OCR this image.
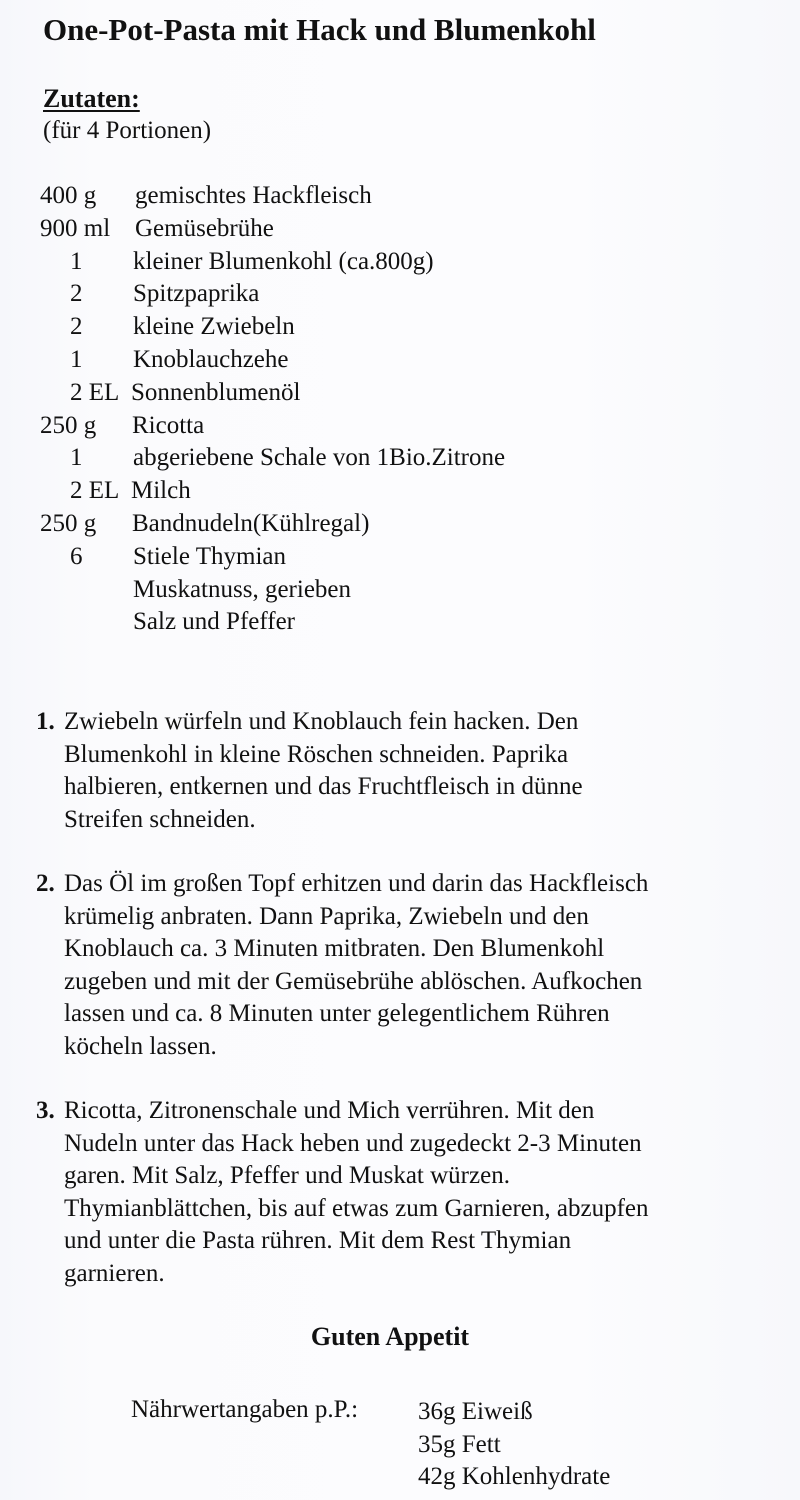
One-Pot-Pasta mit Hack und Blumenkohl
Zutaten:
(für 4 Portionen)
400 g gemischtes Hackfleisch
900 ml Gemüsebrühe
1 kleiner Blumenkohl (ca.800g)
2 Spitzpaprika
2 kleine Zwiebeln
1 Knoblauchzehe
2 EL Sonnenblumenöl
250 g Ricotta
1 abgeriebene Schale von 1Bio.Zitrone
2 EL Milch
250 g Bandnudeln(Kühlregal)
6 Stiele Thymian
Muskatnuss, gerieben
Salz und Pfeffer
1. Zwiebeln würfeln und Knoblauch fein hacken. Den
Blumenkohl in kleine Röschen schneiden. Paprika
halbieren, entkernen und das Fruchtfleisch in dünne
Streifen schneiden.
2. Das Öl im großen Topf erhitzen und darin das Hackfleisch
krümelig anbraten. Dann Paprika, Zwiebeln und den
Knoblauch ca. 3 Minuten mitbraten. Den Blumenkohl
zugeben und mit der Gemüsebrühe ablöschen. Aufkochen
lassen und ca. 8 Minuten unter gelegentlichem Rühren
köcheln lassen.
3. Ricotta, Zitronenschale und Mich verrühren. Mit den
Nudeln unter das Hack heben und zugedeckt 2-3 Minuten
garen. Mit Salz, Pfeffer und Muskat würzen.
Thymianblättchen, bis auf etwas zum Garnieren, abzupfen
und unter die Pasta rühren. Mit dem Rest Thymian
garnieren.
Guten Appetit
Nährwertangaben p.P.: 36g Eiweiß
35g Fett
42g Kohlenhydrate
